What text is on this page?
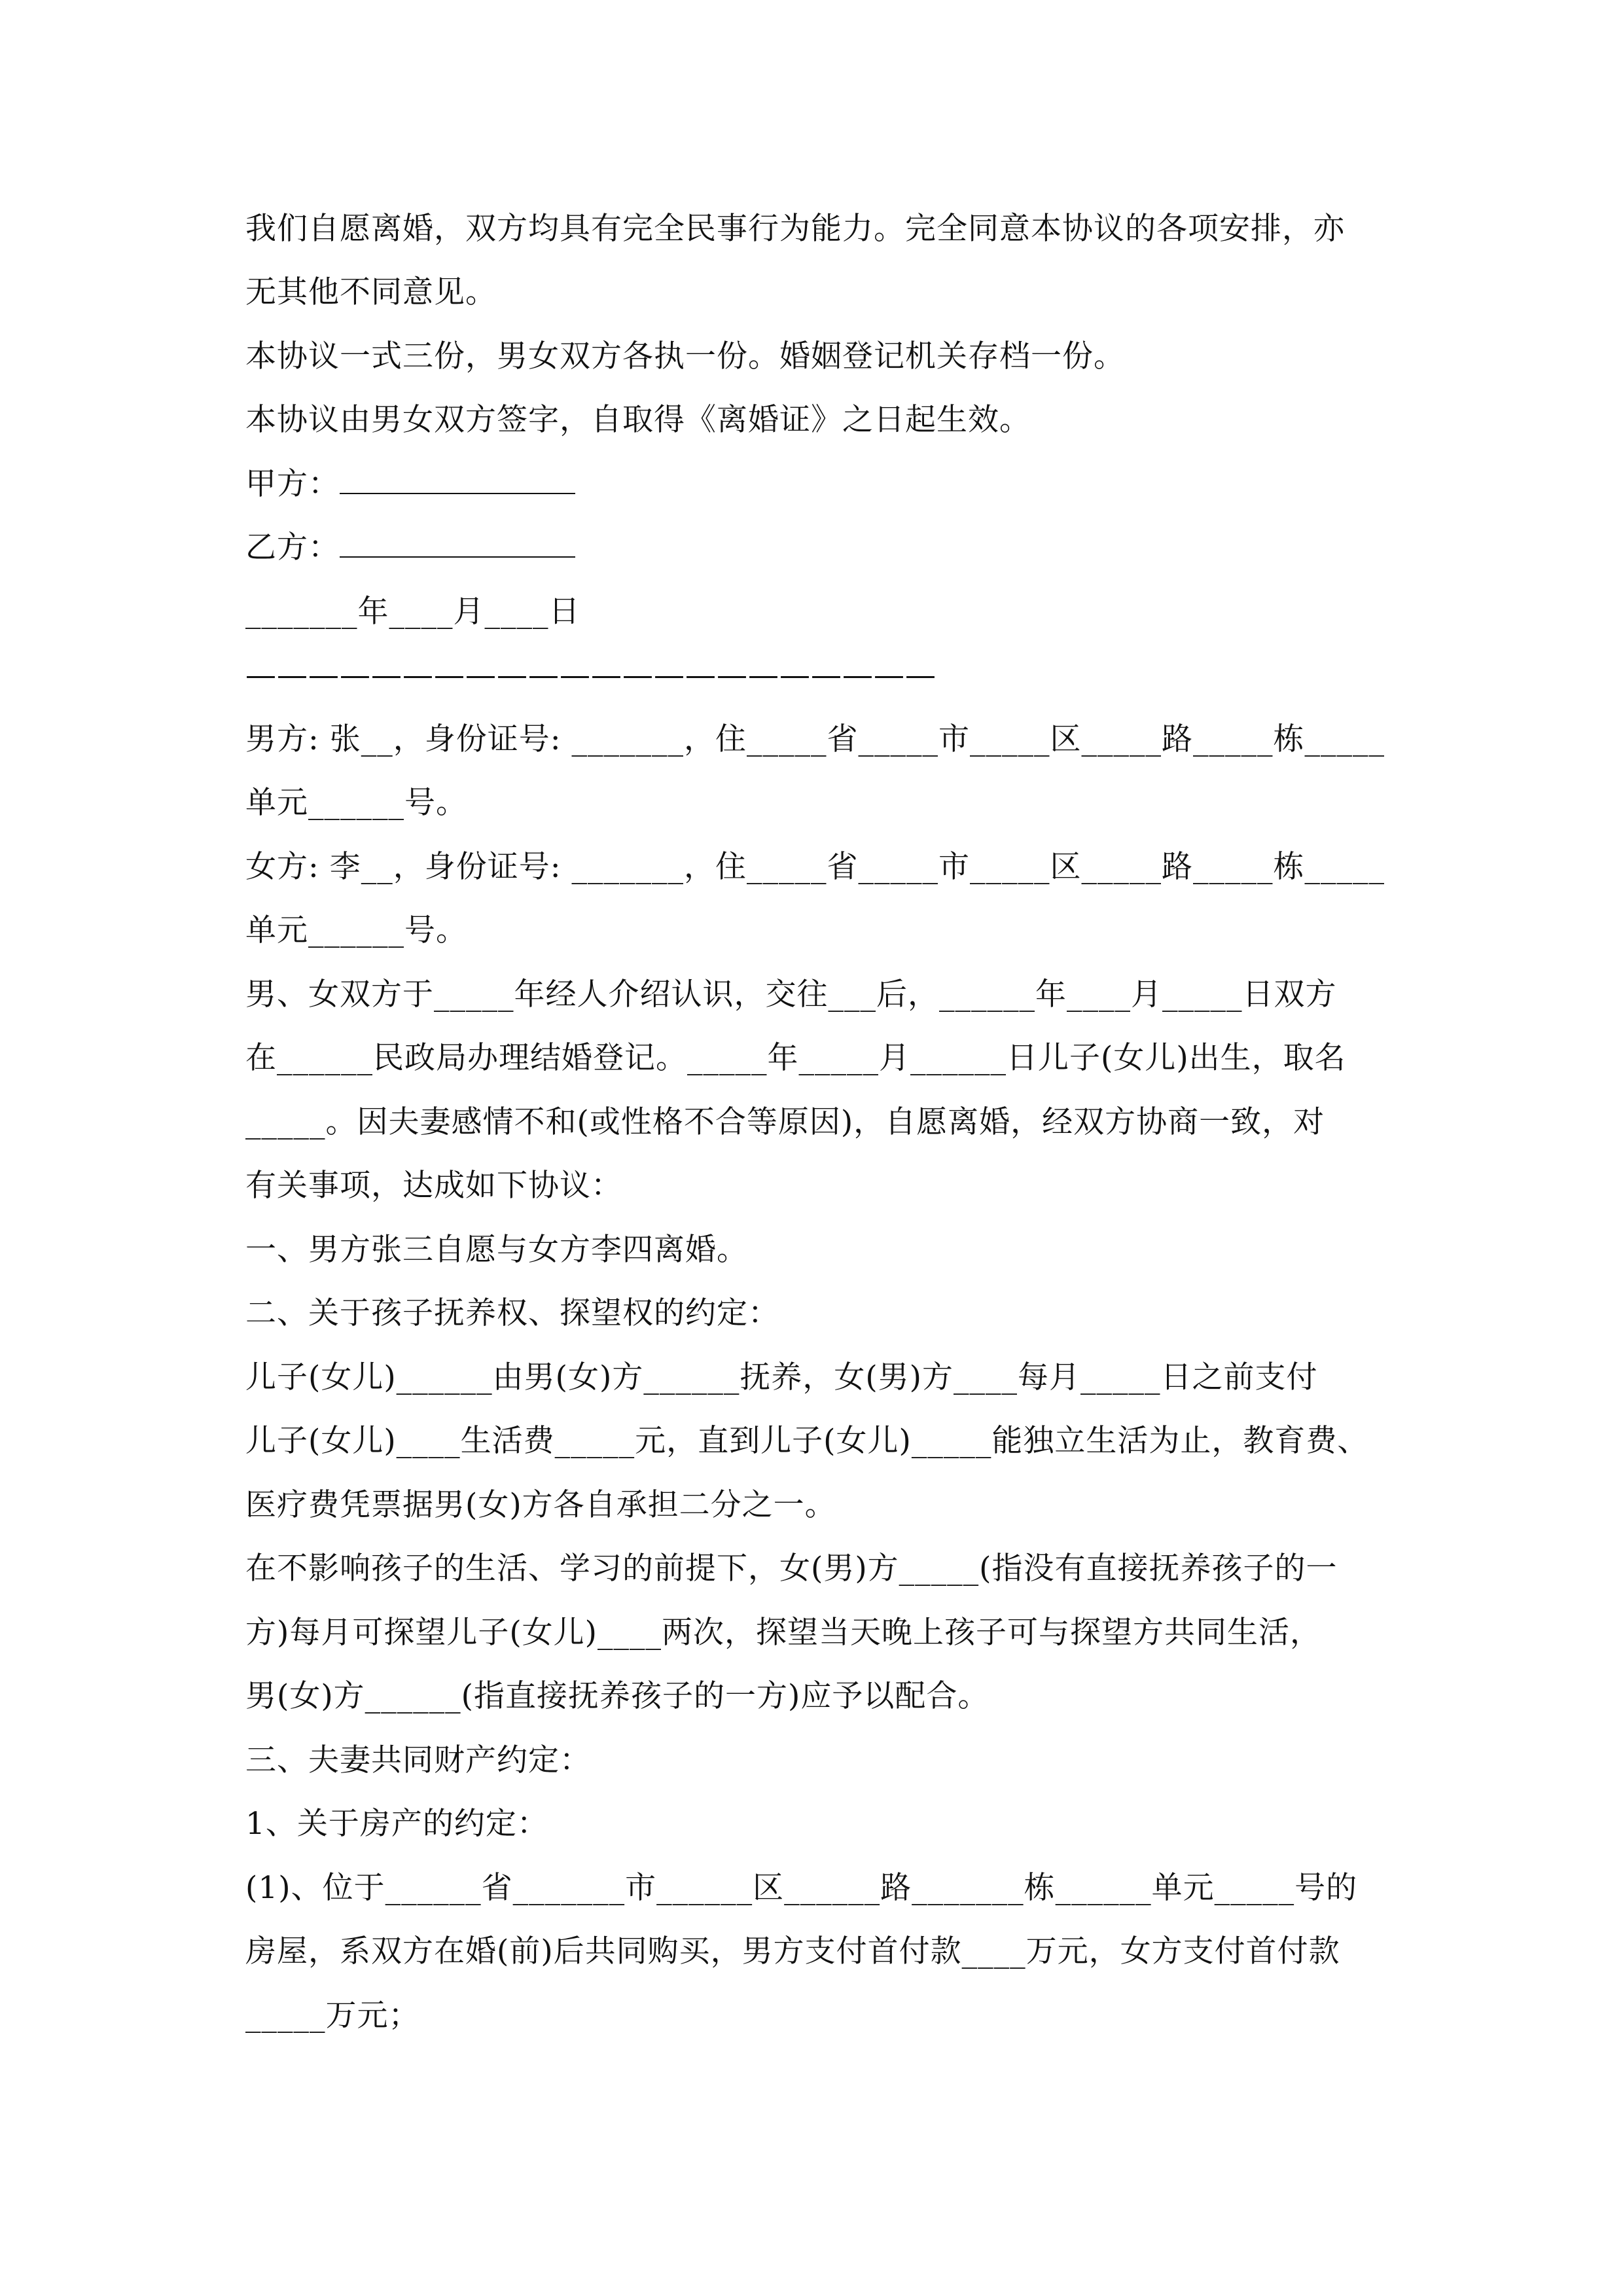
我们自愿离婚，双方均具有完全民事行为能力。完全同意本协议的各项安排，亦
无其他不同意见。
本协议一式三份，男女双方各执一份。婚姻登记机关存档一份。
本协议由男女双方签字，自取得《离婚证》之日起生效。
甲方：
乙方：
_______年____月____日
——————————————————————
男方: 张__，身份证号: _______，住_____省_____市_____区_____路_____栋_____
单元______号。
女方: 李__，身份证号: _______，住_____省_____市_____区_____路_____栋_____
单元______号。
男、女双方于_____年经人介绍认识，交往___后，______年____月_____日双方
在______民政局办理结婚登记。_____年_____月______日儿子(女儿)出生，取名
_____。因夫妻感情不和(或性格不合等原因)，自愿离婚，经双方协商一致，对
有关事项，达成如下协议：
一、男方张三自愿与女方李四离婚。
二、关于孩子抚养权、探望权的约定：
儿子(女儿)______由男(女)方______抚养，女(男)方____每月_____日之前支付
儿子(女儿)____生活费_____元，直到儿子(女儿)_____能独立生活为止，教育费、
医疗费凭票据男(女)方各自承担二分之一。
在不影响孩子的生活、学习的前提下，女(男)方_____(指没有直接抚养孩子的一
方)每月可探望儿子(女儿)____两次，探望当天晚上孩子可与探望方共同生活，
男(女)方______(指直接抚养孩子的一方)应予以配合。
三、夫妻共同财产约定：
1、关于房产的约定：
(1)、位于______省_______市______区______路_______栋______单元_____号的
房屋，系双方在婚(前)后共同购买，男方支付首付款____万元，女方支付首付款
_____万元；
